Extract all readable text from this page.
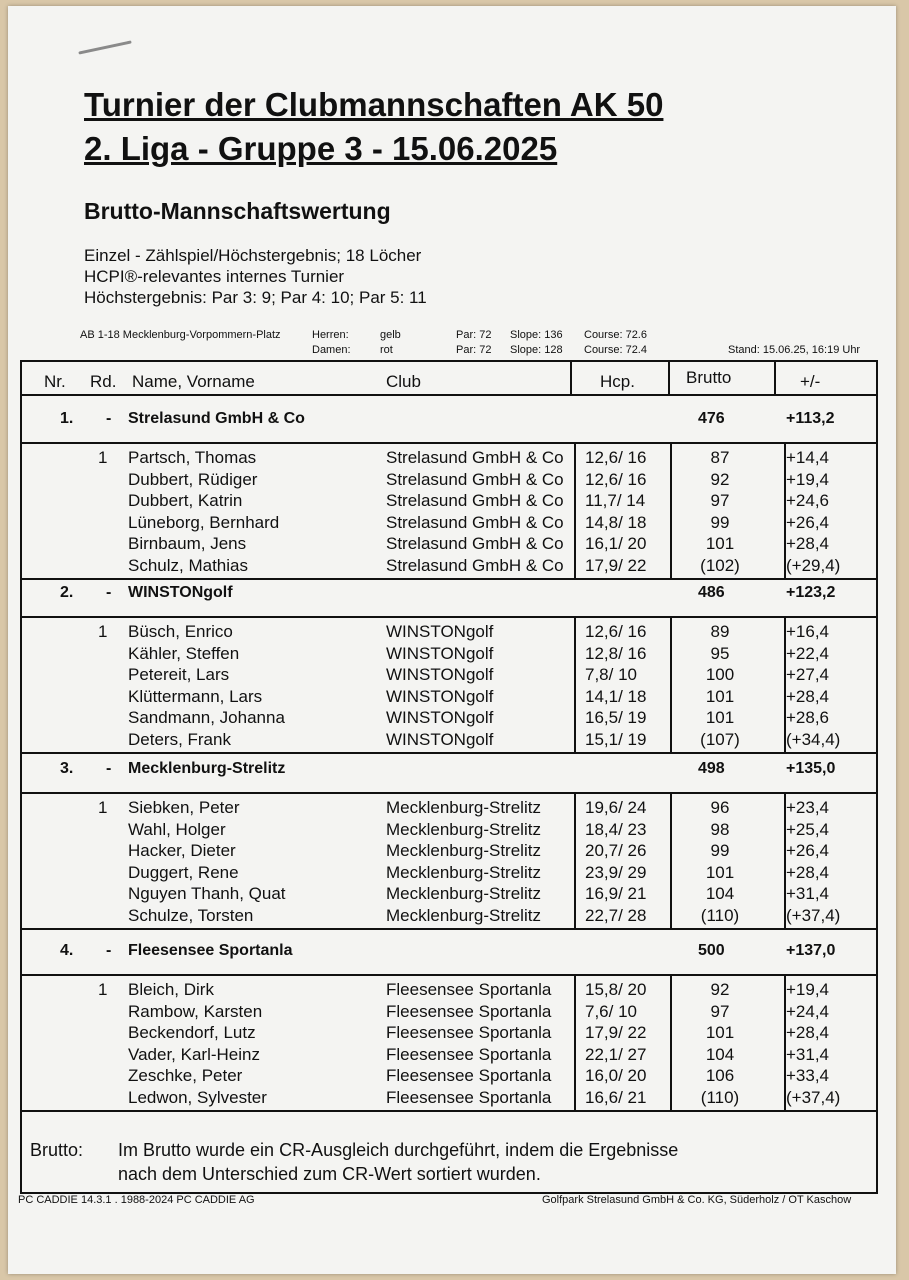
Turnier der Clubmannschaften AK 50
2. Liga - Gruppe 3 - 15.06.2025
Brutto-Mannschaftswertung
Einzel - Zählspiel/Höchstergebnis; 18 Löcher
HCPI®-relevantes internes Turnier
Höchstergebnis: Par 3: 9; Par 4: 10; Par 5: 11
AB 1-18 Mecklenburg-Vorpommern-Platz	Herren:	gelb	Par: 72 Slope: 136 Course: 72.6
Damen:	rot	Par: 72 Slope: 128 Course: 72.4	Stand: 15.06.25, 16:19 Uhr
Nr. Rd. Name, Vorname	Club	Hcp.	Brutto	+/-
Brutto: Im Brutto wurde ein CR-Ausgleich durchgeführt, indem die Ergebnisse
nach dem Unterschied zum CR-Wert sortiert wurden.
1. - Strelasund GmbH & Co	476	+113,2
1 Partsch, Thomas	Strelasund GmbH & Co	12,6/ 16	87	+14,4
Dubbert, Rüdiger	Strelasund GmbH & Co	12,6/ 16	92	+19,4
Dubbert, Katrin	Strelasund GmbH & Co	11,7/ 14	97	+24,6
Lüneborg, Bernhard	Strelasund GmbH & Co	14,8/ 18	99	+26,4
Birnbaum, Jens	Strelasund GmbH & Co	16,1/ 20	101	+28,4
Schulz, Mathias	Strelasund GmbH & Co	17,9/ 22	(102)	(+29,4)
2. - WINSTONgolf	486	+123,2
1 Büsch, Enrico	WINSTONgolf	12,6/ 16	89	+16,4
Kähler, Steffen	WINSTONgolf	12,8/ 16	95	+22,4
Petereit, Lars	WINSTONgolf	7,8/ 10	100	+27,4
Klüttermann, Lars	WINSTONgolf	14,1/ 18	101	+28,4
Sandmann, Johanna	WINSTONgolf	16,5/ 19	101	+28,6
Deters, Frank	WINSTONgolf	15,1/ 19	(107)	(+34,4)
3. - Mecklenburg-Strelitz	498	+135,0
1 Siebken, Peter	Mecklenburg-Strelitz	19,6/ 24	96	+23,4
Wahl, Holger	Mecklenburg-Strelitz	18,4/ 23	98	+25,4
Hacker, Dieter	Mecklenburg-Strelitz	20,7/ 26	99	+26,4
Duggert, Rene	Mecklenburg-Strelitz	23,9/ 29	101	+28,4
Nguyen Thanh, Quat	Mecklenburg-Strelitz	16,9/ 21	104	+31,4
Schulze, Torsten	Mecklenburg-Strelitz	22,7/ 28	(110)	(+37,4)
4. - Fleesensee Sportanla	500	+137,0
1 Bleich, Dirk	Fleesensee Sportanla	15,8/ 20	92	+19,4
Rambow, Karsten	Fleesensee Sportanla	7,6/ 10	97	+24,4
Beckendorf, Lutz	Fleesensee Sportanla	17,9/ 22	101	+28,4
Vader, Karl-Heinz	Fleesensee Sportanla	22,1/ 27	104	+31,4
Zeschke, Peter	Fleesensee Sportanla	16,0/ 20	106	+33,4
Ledwon, Sylvester	Fleesensee Sportanla	16,6/ 21	(110)	(+37,4)
PC CADDIE 14.3.1 . 1988-2024 PC CADDIE AG	Golfpark Strelasund GmbH & Co. KG, Süderholz / OT Kaschow
